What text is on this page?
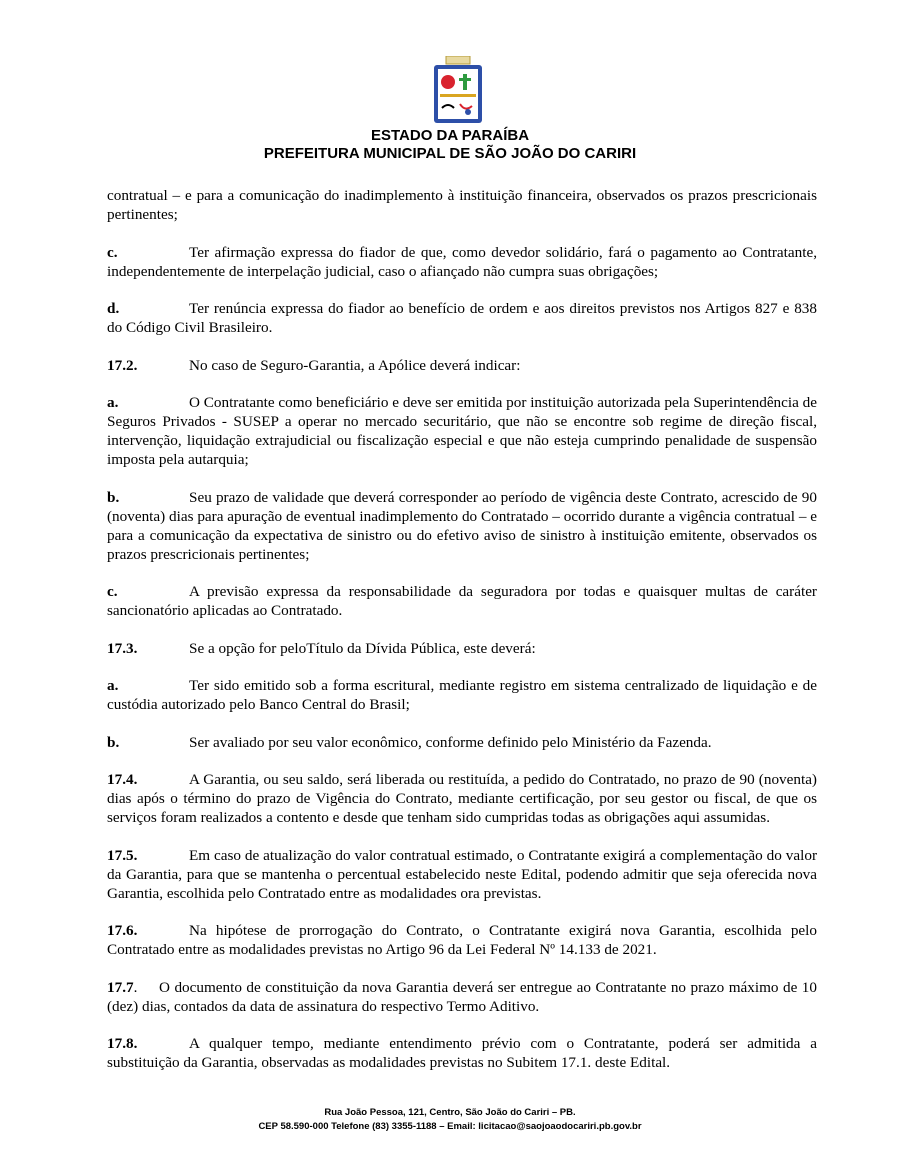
ESTADO DA PARAÍBA
PREFEITURA MUNICIPAL DE SÃO JOÃO DO CARIRI

contratual – e para a comunicação do inadimplemento à instituição financeira, observados os prazos prescricionais pertinentes;

c.	Ter afirmação expressa do fiador de que, como devedor solidário, fará o pagamento ao Contratante, independentemente de interpelação judicial, caso o afiançado não cumpra suas obrigações;

d.	Ter renúncia expressa do fiador ao benefício de ordem e aos direitos previstos nos Artigos 827 e 838 do Código Civil Brasileiro.

17.2.	No caso de Seguro-Garantia, a Apólice deverá indicar:

a.	O Contratante como beneficiário e deve ser emitida por instituição autorizada pela Superintendência de Seguros Privados - SUSEP a operar no mercado securitário, que não se encontre sob regime de direção fiscal, intervenção, liquidação extrajudicial ou fiscalização especial e que não esteja cumprindo penalidade de suspensão imposta pela autarquia;

b.	Seu prazo de validade que deverá corresponder ao período de vigência deste Contrato, acrescido de 90 (noventa) dias para apuração de eventual inadimplemento do Contratado – ocorrido durante a vigência contratual – e para a comunicação da expectativa de sinistro ou do efetivo aviso de sinistro à instituição emitente, observados os prazos prescricionais pertinentes;

c.	A previsão expressa da responsabilidade da seguradora por todas e quaisquer multas de caráter sancionatório aplicadas ao Contratado.

17.3.	Se a opção for peloTítulo da Dívida Pública, este deverá:

a.	Ter sido emitido sob a forma escritural, mediante registro em sistema centralizado de liquidação e de custódia autorizado pelo Banco Central do Brasil;

b.	Ser avaliado por seu valor econômico, conforme definido pelo Ministério da Fazenda.

17.4.	A Garantia, ou seu saldo, será liberada ou restituída, a pedido do Contratado, no prazo de 90 (noventa) dias após o término do prazo de Vigência do Contrato, mediante certificação, por seu gestor ou fiscal, de que os serviços foram realizados a contento e desde que tenham sido cumpridas todas as obrigações aqui assumidas.

17.5.	Em caso de atualização do valor contratual estimado, o Contratante exigirá a complementação do valor da Garantia, para que se mantenha o percentual estabelecido neste Edital, podendo admitir que seja oferecida nova Garantia, escolhida pelo Contratado entre as modalidades ora previstas.

17.6.	Na hipótese de prorrogação do Contrato, o Contratante exigirá nova Garantia, escolhida pelo Contratado entre as modalidades previstas no Artigo 96 da Lei Federal Nº 14.133 de 2021.

17.7. O documento de constituição da nova Garantia deverá ser entregue ao Contratante no prazo máximo de 10 (dez) dias, contados da data de assinatura do respectivo Termo Aditivo.

17.8.	A qualquer tempo, mediante entendimento prévio com o Contratante, poderá ser admitida a substituição da Garantia, observadas as modalidades previstas no Subitem 17.1. deste Edital.

Rua João Pessoa, 121, Centro, São João do Cariri – PB.
CEP 58.590-000 Telefone (83) 3355-1188 – Email: licitacao@saojoaodocariri.pb.gov.br
